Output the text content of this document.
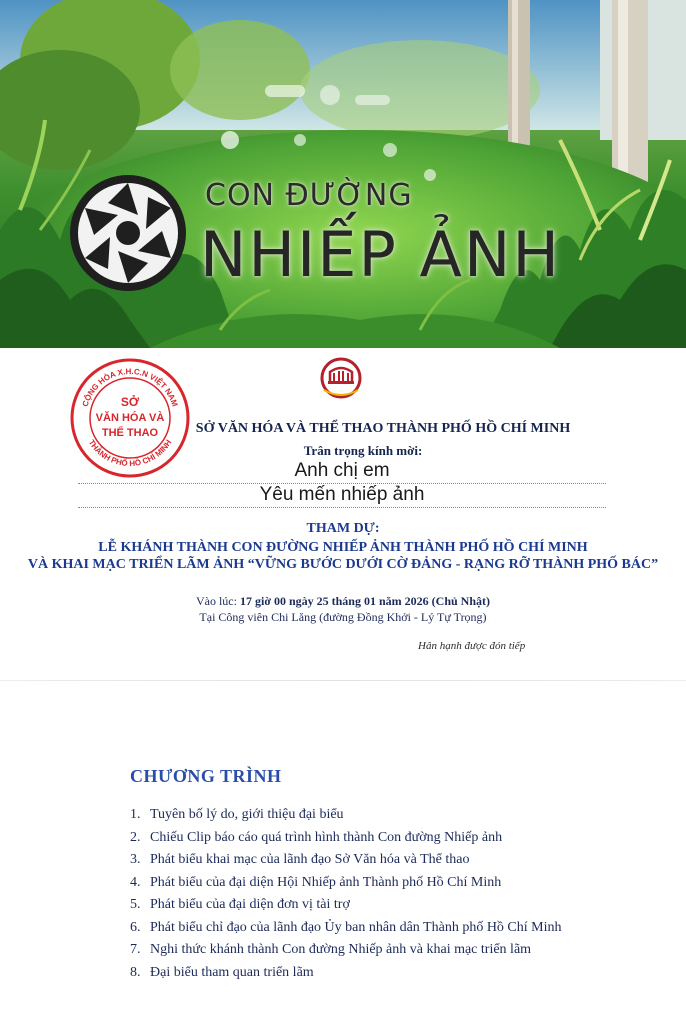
CON ĐƯỜNG
NHIẾP ẢNH
CỘNG HÒA X.H.C.N VIỆT NAM
THÀNH PHỐ HỒ CHÍ MINH
SỞ
VĂN HÓA VÀ
THỂ THAO	SỞ VĂN HÓA VÀ THỂ THAO THÀNH PHỐ HỒ CHÍ MINH
Trân trọng kính mời:
Anh chị em
Yêu mến nhiếp ảnh
THAM DỰ:
LỄ KHÁNH THÀNH CON ĐƯỜNG NHIẾP ẢNH THÀNH PHỐ HỒ CHÍ MINH
VÀ KHAI MẠC TRIỂN LÃM ẢNH “VỮNG BƯỚC DƯỚI CỜ ĐẢNG - RẠNG RỠ THÀNH PHỐ BÁC”
Vào lúc: 17 giờ 00 ngày 25 tháng 01 năm 2026 (Chủ Nhật)
Tại Công viên Chi Lăng (đường Đồng Khởi - Lý Tự Trọng)
Hân hạnh được đón tiếp
CHƯƠNG TRÌNH
1. Tuyên bố lý do, giới thiệu đại biểu
2. Chiếu Clip báo cáo quá trình hình thành Con đường Nhiếp ảnh
3. Phát biểu khai mạc của lãnh đạo Sở Văn hóa và Thể thao
4. Phát biểu của đại diện Hội Nhiếp ảnh Thành phố Hồ Chí Minh
5. Phát biểu của đại diện đơn vị tài trợ
6. Phát biểu chỉ đạo của lãnh đạo Ủy ban nhân dân Thành phố Hồ Chí Minh
7. Nghi thức khánh thành Con đường Nhiếp ảnh và khai mạc triển lãm
8. Đại biểu tham quan triển lãm
